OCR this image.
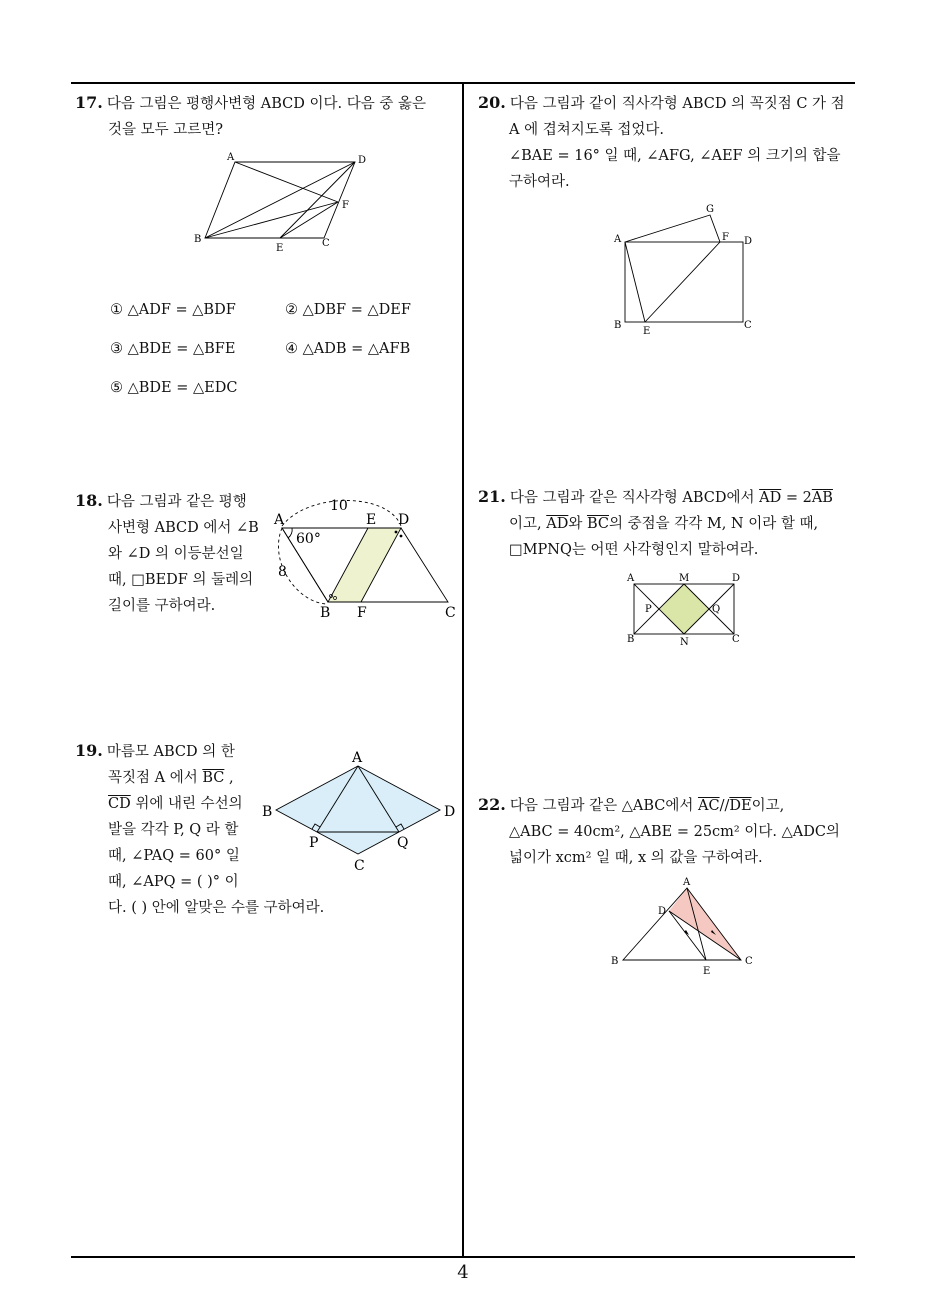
17. 다음 그림은 평행사변형 ABCD 이다. 다음 중 옳은
것을 모두 고르면?
A	D
F
B
E	C
① △ADF = △BDF	② △DBF = △DEF
③ △BDE = △BFE	④ △ADB = △AFB
⑤ △BDE = △EDC
18. 다음 그림과 같은 평행
사변형 ABCD 에서 ∠B
와 ∠D 의 이등분선일
때, □BEDF 의 둘레의
길이를 구하여라.
10
A
60°
E D
8
B F	C
19. 마름모 ABCD 의 한
꼭짓점 A 에서 $\overline{BC}$ ,
$\overline{CD}$ 위에 내린 수선의
발을 각각 P, Q 라 할
때, ∠PAQ = 60° 일
때, ∠APQ = ( )° 이
다. ( ) 안에 알맞은 수를 구하여라.
A
B	D
P	Q
C
20. 다음 그림과 같이 직사각형 ABCD 의 꼭짓점 C 가 점
A 에 겹쳐지도록 접었다.
∠BAE = 16° 일 때, ∠AFG, ∠AEF 의 크기의 합을
구하여라.
G
A	F D
B
E
C
21. 다음 그림과 같은 직사각형 ABCD에서 $\overline{AD} = 2\overline{AB}$
이고, $\overline{AD}$와 $\overline{BC}$의 중점을 각각 M, N 이라 할 때,
□MPNQ는 어떤 사각형인지 말하여라.
A	M	D
P	Q
B	N	C
22. 다음 그림과 같은 △ABC에서 $\overline{AC}//\overline{DE}$이고,
△ABC = 40cm², △ABE = 25cm² 이다. △ADC의
넓이가 xcm² 일 때, x 의 값을 구하여라.
A
D
B
E
C
4
